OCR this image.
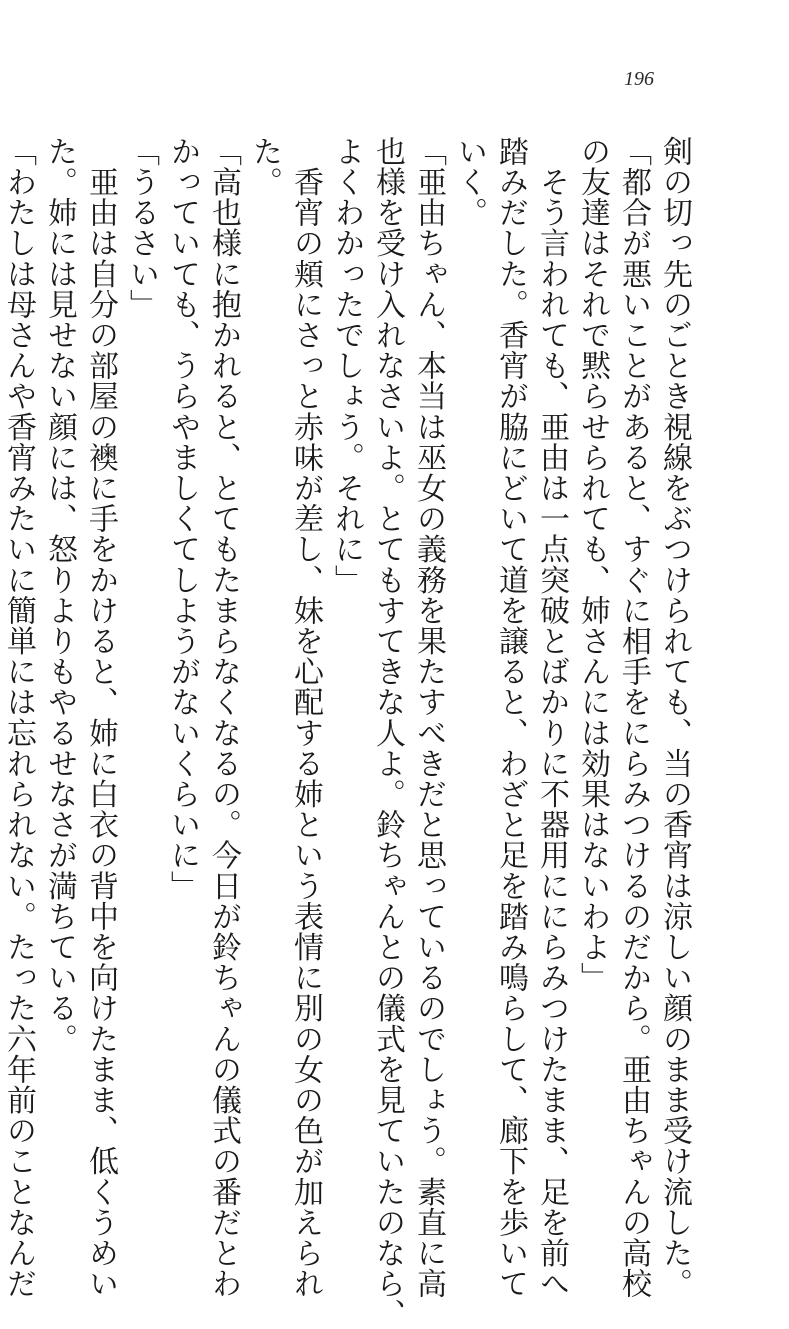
196
剣の切っ先のごとき視線をぶつけられても、当の香宵は涼しい顔のまま受け流した。
「都合が悪いことがあると、すぐに相手をにらみつけるのだから。亜由ちゃんの高校
の友達はそれで黙らせられても、姉さんには効果はないわよ」
　そう言われても、亜由は一点突破とばかりに不器用ににらみつけたまま、足を前へ
踏みだした。香宵が脇にどいて道を譲ると、わざと足を踏み鳴らして、廊下を歩いて
いく。
「亜由ちゃん、本当は巫女の義務を果たすべきだと思っているのでしょう。素直に高
也様を受け入れなさいよ。とてもすてきな人よ。鈴ちゃんとの儀式を見ていたのなら、
よくわかったでしょう。それに」
　香宵の頬にさっと赤味が差し、妹を心配する姉という表情に別の女の色が加えられ
た。
「高也様に抱かれると、とてもたまらなくなるの。今日が鈴ちゃんの儀式の番だとわ
かっていても、うらやましくてしようがないくらいに」
「うるさい」
　亜由は自分の部屋の襖に手をかけると、姉に白衣の背中を向けたまま、低くうめい
た。姉には見せない顔には、怒りよりもやるせなさが満ちている。
「わたしは母さんや香宵みたいに簡単には忘れられない。たった六年前のことなんだ
